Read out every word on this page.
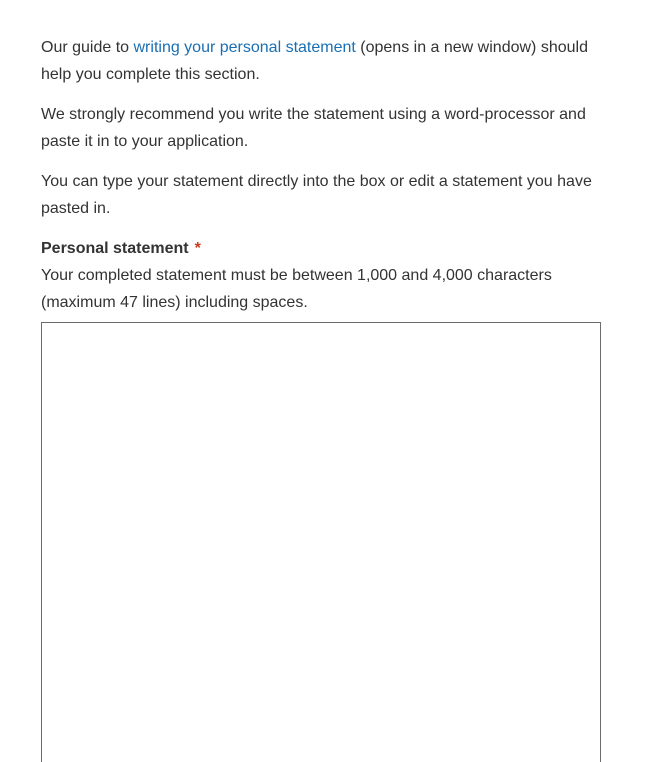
Our guide to writing your personal statement (opens in a new window) should help you complete this section.

We strongly recommend you write the statement using a word-processor and paste it in to your application.

You can type your statement directly into the box or edit a statement you have pasted in.

Personal statement *

Your completed statement must be between 1,000 and 4,000 characters (maximum 47 lines) including spaces.
